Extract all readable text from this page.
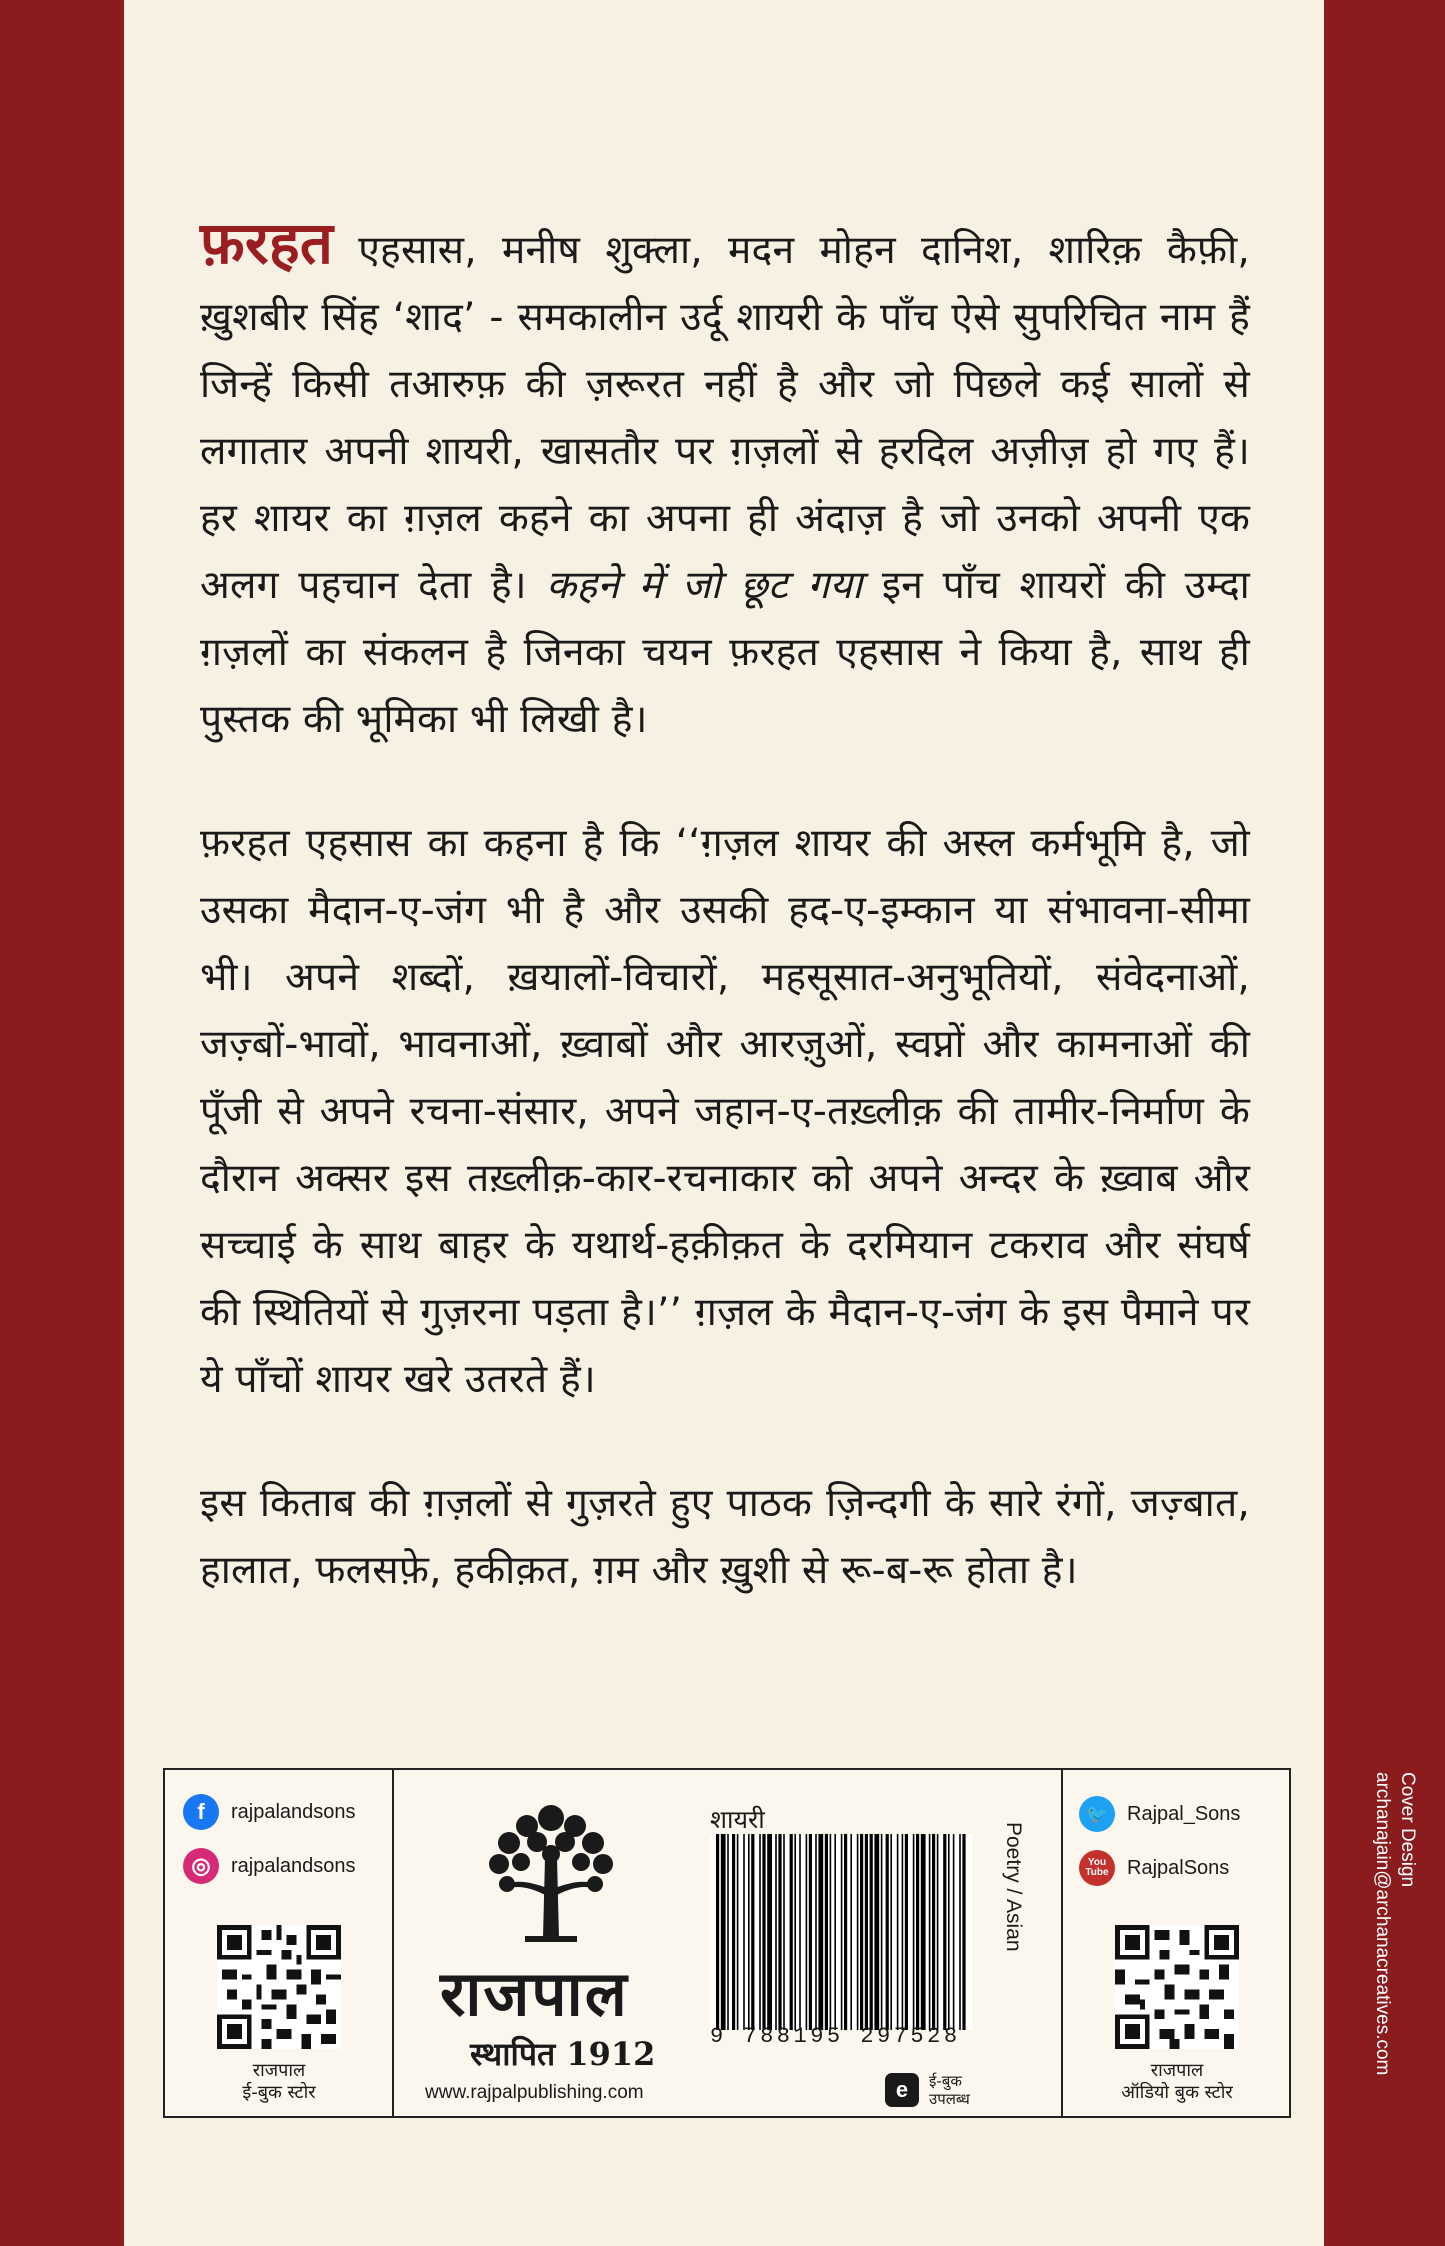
फ़रहत एहसास, मनीष शुक्ला, मदन मोहन दानिश, शारिक़ कैफ़ी, ख़ुशबीर सिंह ‘शाद’ - समकालीन उर्दू शायरी के पाँच ऐसे सुपरिचित नाम हैं जिन्हें किसी तआरुफ़ की ज़रूरत नहीं है और जो पिछले कई सालों से लगातार अपनी शायरी, खासतौर पर ग़ज़लों से हरदिल अज़ीज़ हो गए हैं। हर शायर का ग़ज़ल कहने का अपना ही अंदाज़ है जो उनको अपनी एक अलग पहचान देता है। कहने में जो छूट गया इन पाँच शायरों की उम्दा ग़ज़लों का संकलन है जिनका चयन फ़रहत एहसास ने किया है, साथ ही पुस्तक की भूमिका भी लिखी है।

फ़रहत एहसास का कहना है कि ‘‘ग़ज़ल शायर की अस्ल कर्मभूमि है, जो उसका मैदान-ए-जंग भी है और उसकी हद-ए-इम्कान या संभावना-सीमा भी। अपने शब्दों, ख़यालों-विचारों, महसूसात-अनुभूतियों, संवेदनाओं, जज़्बों-भावों, भावनाओं, ख़्वाबों और आरज़ुओं, स्वप्नों और कामनाओं की पूँजी से अपने रचना-संसार, अपने जहान-ए-तख़्लीक़ की तामीर-निर्माण के दौरान अक्सर इस तख़्लीक़-कार-रचनाकार को अपने अन्दर के ख़्वाब और सच्चाई के साथ बाहर के यथार्थ-हक़ीक़त के दरमियान टकराव और संघर्ष की स्थितियों से गुज़रना पड़ता है।’’ ग़ज़ल के मैदान-ए-जंग के इस पैमाने पर ये पाँचों शायर खरे उतरते हैं।

इस किताब की ग़ज़लों से गुज़रते हुए पाठक ज़िन्दगी के सारे रंगों, जज़्बात, हालात, फलसफ़े, हकीक़त, ग़म और ख़ुशी से रू-ब-रू होता है।

Cover Design
archanajain@archanacreatives.com
f	rajpalandsons
◎	rajpalandsons
राजपाल
ई-बुक स्टोर
राजपाल
स्थापित 1912
www.rajpalpublishing.com
शायरी
9 788195 297528
Poetry / Asian
e	ई-बुक
उपलब्ध
🐦 Rajpal_Sons
You Tube RajpalSons
राजपाल
ऑडियो बुक स्टोर
